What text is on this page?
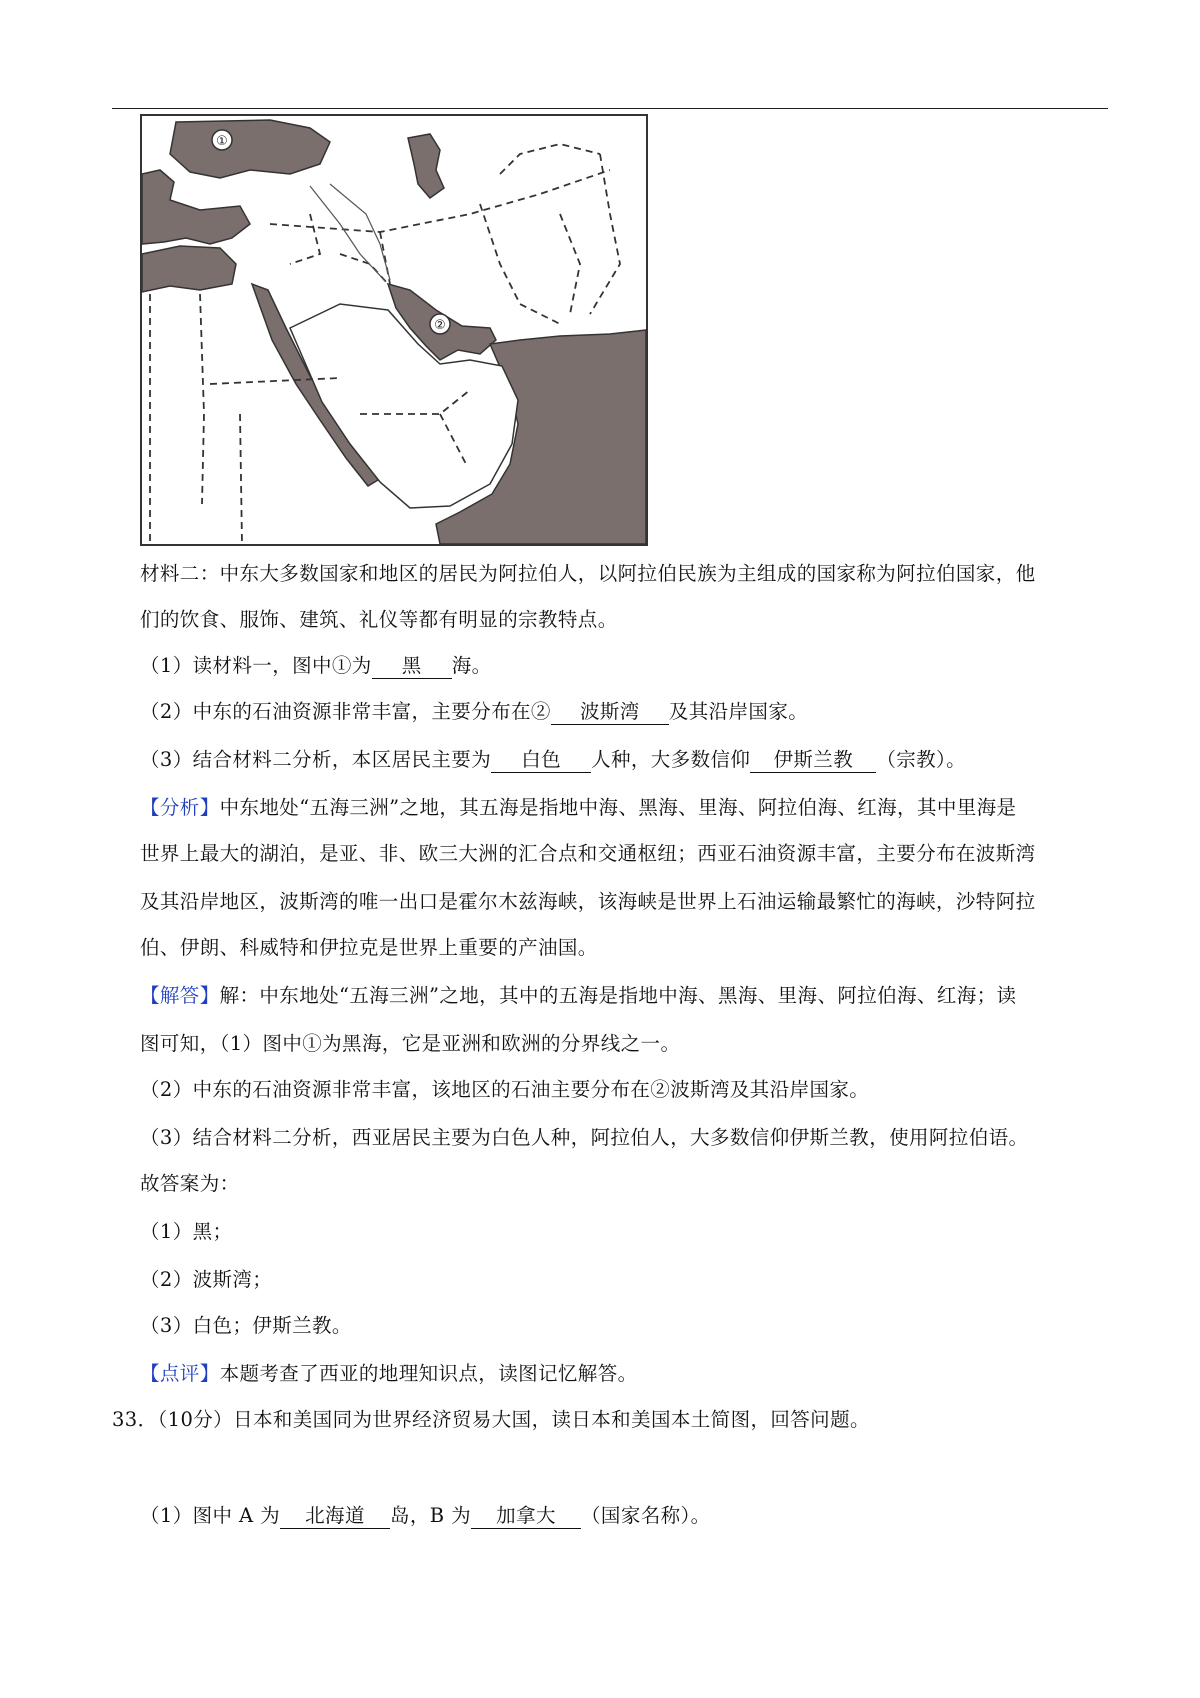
①
②
材料二：中东大多数国家和地区的居民为阿拉伯人，以阿拉伯民族为主组成的国家称为阿拉伯国家，他
们的饮食、服饰、建筑、礼仪等都有明显的宗教特点。
（1）读材料一，图中①为 黑 海。
（2）中东的石油资源非常丰富，主要分布在② 波斯湾 及其沿岸国家。
（3）结合材料二分析，本区居民主要为 白色 人种，大多数信仰 伊斯兰教 （宗教）。
【分析】中东地处“五海三洲”之地，其五海是指地中海、黑海、里海、阿拉伯海、红海，其中里海是
世界上最大的湖泊，是亚、非、欧三大洲的汇合点和交通枢纽；西亚石油资源丰富，主要分布在波斯湾
及其沿岸地区，波斯湾的唯一出口是霍尔木兹海峡，该海峡是世界上石油运输最繁忙的海峡，沙特阿拉
伯、伊朗、科威特和伊拉克是世界上重要的产油国。
【解答】解：中东地处“五海三洲”之地，其中的五海是指地中海、黑海、里海、阿拉伯海、红海；读
图可知，（1）图中①为黑海，它是亚洲和欧洲的分界线之一。
（2）中东的石油资源非常丰富，该地区的石油主要分布在②波斯湾及其沿岸国家。
（3）结合材料二分析，西亚居民主要为白色人种，阿拉伯人，大多数信仰伊斯兰教，使用阿拉伯语。
故答案为：
（1）黑；
（2）波斯湾；
（3）白色；伊斯兰教。
【点评】本题考查了西亚的地理知识点，读图记忆解答。
33．（10分）日本和美国同为世界经济贸易大国，读日本和美国本土简图，回答问题。
（1）图中 A 为 北海道 岛，B 为 加拿大 （国家名称）。
